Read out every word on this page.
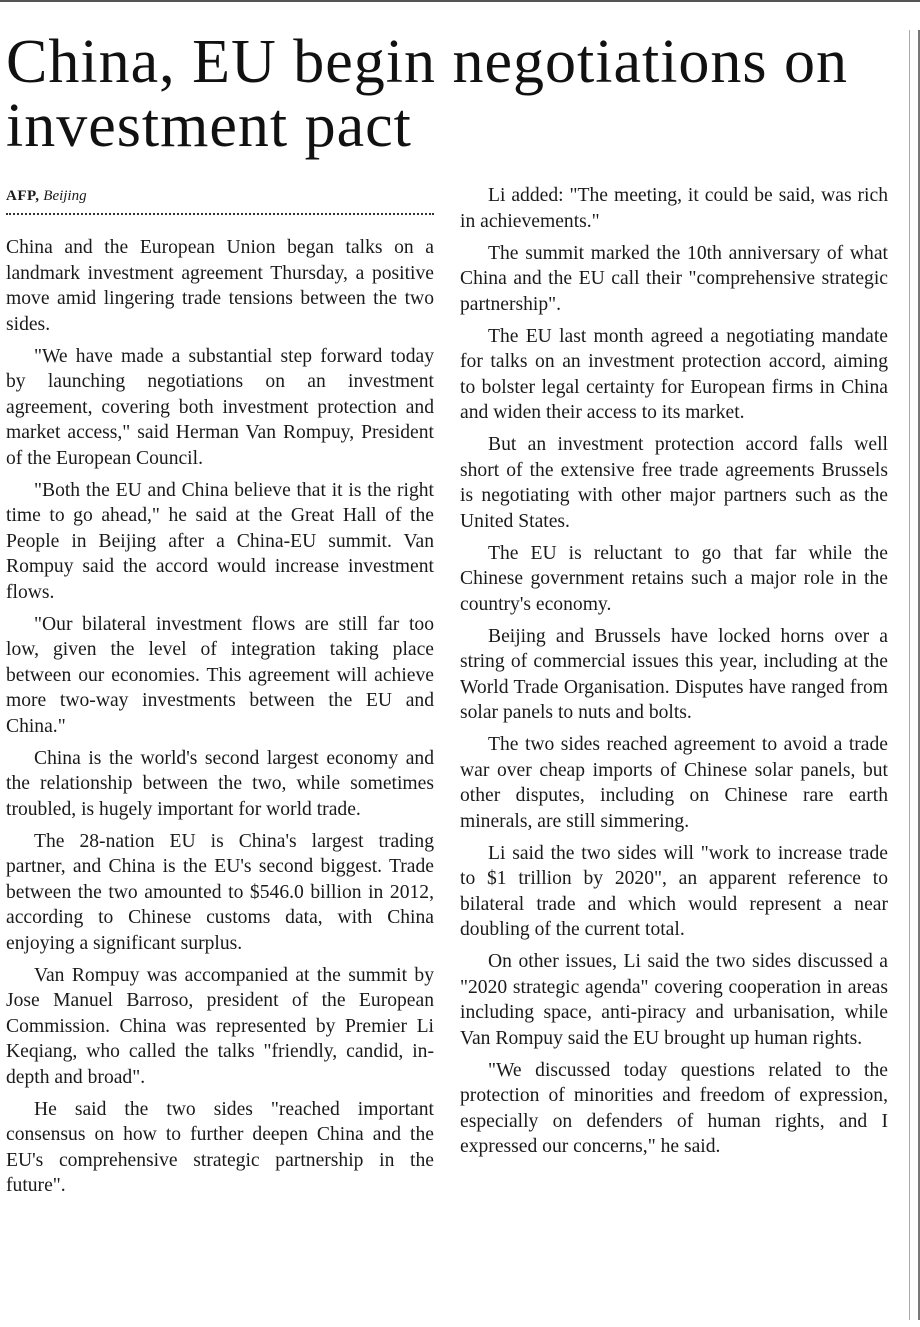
China, EU begin negotiations on investment pact
AFP, Beijing

China and the European Union began talks on a landmark investment agreement Thursday, a positive move amid lingering trade tensions between the two sides.

"We have made a substantial step forward today by launching negotiations on an investment agreement, covering both investment protection and market access," said Herman Van Rompuy, President of the European Council.

"Both the EU and China believe that it is the right time to go ahead," he said at the Great Hall of the People in Beijing after a China-EU summit. Van Rompuy said the accord would increase investment flows.

"Our bilateral investment flows are still far too low, given the level of integration taking place between our economies. This agreement will achieve more two-way investments between the EU and China."

China is the world's second largest economy and the relationship between the two, while sometimes troubled, is hugely important for world trade.

The 28-nation EU is China's largest trading partner, and China is the EU's second biggest. Trade between the two amounted to $546.0 billion in 2012, according to Chinese customs data, with China enjoying a significant surplus.

Van Rompuy was accompanied at the summit by Jose Manuel Barroso, president of the European Commission. China was represented by Premier Li Keqiang, who called the talks "friendly, candid, in-depth and broad".

He said the two sides "reached important consensus on how to further deepen China and the EU's comprehensive strategic partnership in the future".

Li added: "The meeting, it could be said, was rich in achievements."

The summit marked the 10th anniversary of what China and the EU call their "comprehensive strategic partnership".

The EU last month agreed a negotiating mandate for talks on an investment protection accord, aiming to bolster legal certainty for European firms in China and widen their access to its market.

But an investment protection accord falls well short of the extensive free trade agreements Brussels is negotiating with other major partners such as the United States.

The EU is reluctant to go that far while the Chinese government retains such a major role in the country's economy.

Beijing and Brussels have locked horns over a string of commercial issues this year, including at the World Trade Organisation. Disputes have ranged from solar panels to nuts and bolts.

The two sides reached agreement to avoid a trade war over cheap imports of Chinese solar panels, but other disputes, including on Chinese rare earth minerals, are still simmering.

Li said the two sides will "work to increase trade to $1 trillion by 2020", an apparent reference to bilateral trade and which would represent a near doubling of the current total.

On other issues, Li said the two sides discussed a "2020 strategic agenda" covering cooperation in areas including space, anti-piracy and urbanisation, while Van Rompuy said the EU brought up human rights.

"We discussed today questions related to the protection of minorities and freedom of expression, especially on defenders of human rights, and I expressed our concerns," he said.
